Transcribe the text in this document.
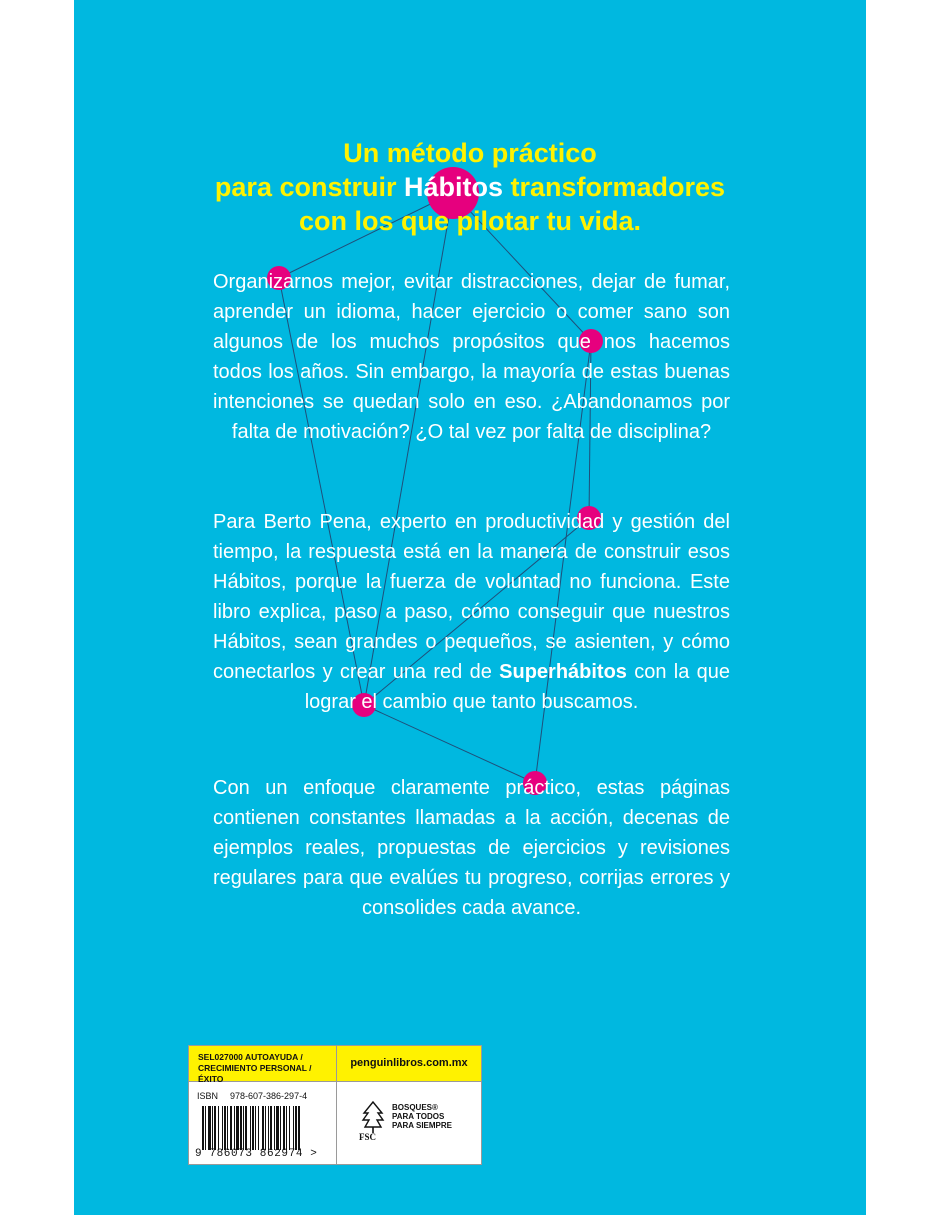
Un método práctico
para construir Hábitos transformadores
con los que pilotar tu vida.

Organizarnos mejor, evitar distracciones, dejar de fumar, aprender un idioma, hacer ejercicio o comer sano son algunos de los muchos propósitos que nos hacemos todos los años. Sin embargo, la mayoría de estas buenas intenciones se quedan solo en eso. ¿Abandonamos por falta de motivación? ¿O tal vez por falta de disciplina?

Para Berto Pena, experto en productividad y gestión del tiempo, la respuesta está en la manera de construir esos Hábitos, porque la fuerza de voluntad no funciona. Este libro explica, paso a paso, cómo conseguir que nuestros Hábitos, sean grandes o pequeños, se asienten, y cómo conectarlos y crear una red de Superhábitos con la que lograr el cambio que tanto buscamos.

Con un enfoque claramente práctico, estas páginas contienen constantes llamadas a la acción, decenas de ejemplos reales, propuestas de ejercicios y revisiones regulares para que evalúes tu progreso, corrijas errores y consolides cada avance.

SEL027000 AUTOAYUDA / CRECIMIENTO PERSONAL / ÉXITO
penguinlibros.com.mx
ISBN 978-607-386-297-4
9 786073 862974 >
FSC
BOSQUES®
PARA TODOS
PARA SIEMPRE
